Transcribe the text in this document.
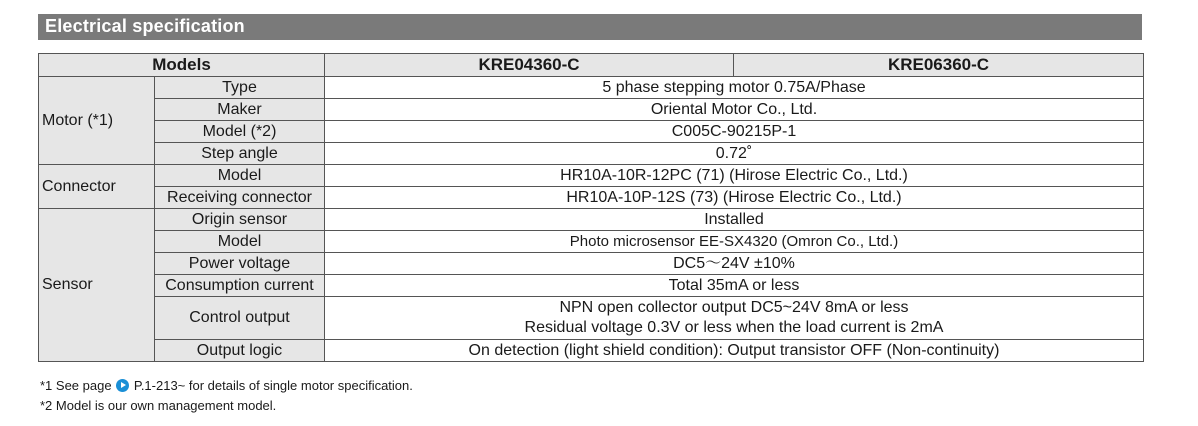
Electrical specification
Models		KRE04360-C	KRE06360-C
Motor (*1)	Type	5 phase stepping motor 0.75A/Phase	
	Maker	Oriental Motor Co., Ltd.	
	Model (*2)	C005C-90215P-1	
	Step angle	0.72˚	
Connector	Model	HR10A-10R-12PC (71) (Hirose Electric Co., Ltd.)	
	Receiving connector	HR10A-10P-12S (73) (Hirose Electric Co., Ltd.)	
Sensor	Origin sensor	Installed	
	Model	Photo microsensor EE-SX4320 (Omron Co., Ltd.)	
	Power voltage	DC5～24V ±10%	
	Consumption current	Total 35mA or less	
	Control output	NPN open collector output DC5~24V 8mA or less
Residual voltage 0.3V or less when the load current is 2mA	

	Output logic	On detection (light shield condition): Output transistor OFF (Non-continuity)	
*1 See page P.1-213~ for details of single motor specification.
*2 Model is our own management model.
